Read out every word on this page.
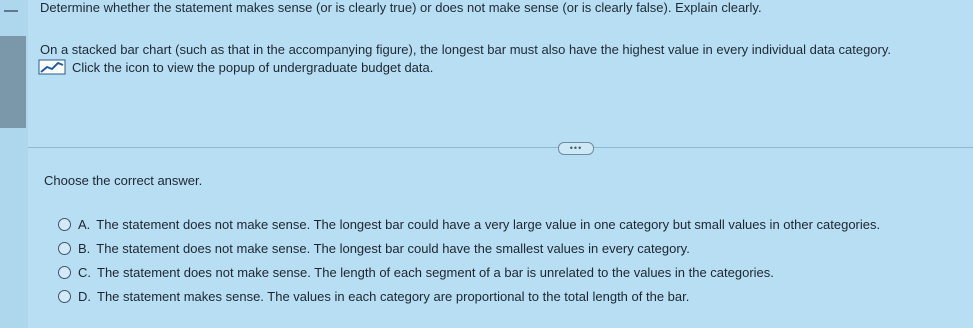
Determine whether the statement makes sense (or is clearly true) or does not make sense (or is clearly false). Explain clearly.
On a stacked bar chart (such as that in the accompanying figure), the longest bar must also have the highest value in every individual data category.
Click the icon to view the popup of undergraduate budget data.
•••
Choose the correct answer.
A. The statement does not make sense. The longest bar could have a very large value in one category but small values in other categories.
B. The statement does not make sense. The longest bar could have the smallest values in every category.
C. The statement does not make sense. The length of each segment of a bar is unrelated to the values in the categories.
D. The statement makes sense. The values in each category are proportional to the total length of the bar.
